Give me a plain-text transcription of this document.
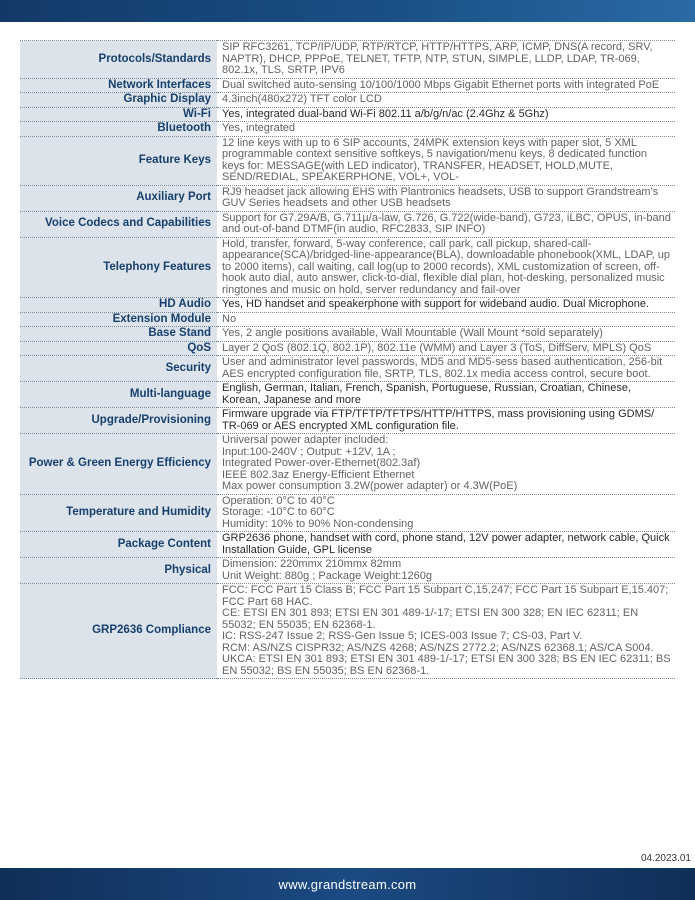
Protocols/Standards	SIP RFC3261, TCP/IP/UDP, RTP/RTCP, HTTP/HTTPS, ARP, ICMP, DNS(A record, SRV, NAPTR), DHCP, PPPoE, TELNET, TFTP, NTP, STUN, SIMPLE, LLDP, LDAP, TR-069, 802.1x, TLS, SRTP, IPV6
Network Interfaces	Dual switched auto-sensing 10/100/1000 Mbps Gigabit Ethernet ports with integrated PoE
Graphic Display	4.3inch(480x272) TFT color LCD
Wi-Fi	Yes, integrated dual-band Wi-Fi 802.11 a/b/g/n/ac (2.4Ghz & 5Ghz)
Bluetooth	Yes, integrated
Feature Keys	12 line keys with up to 6 SIP accounts, 24MPK extension keys with paper slot, 5 XML programmable context sensitive softkeys, 5 navigation/menu keys, 8 dedicated function keys for: MESSAGE(with LED indicator), TRANSFER, HEADSET, HOLD,MUTE, SEND/REDIAL, SPEAKERPHONE, VOL+, VOL-
Auxiliary Port	RJ9 headset jack allowing EHS with Plantronics headsets, USB to support Grandstream's GUV Series headsets and other USB headsets
Voice Codecs and Capabilities	Support for G7.29A/B, G.711µ/a-law, G.726, G.722(wide-band), G723, iLBC, OPUS, in-band and out-of-band DTMF(in audio, RFC2833, SIP INFO)
Telephony Features	Hold, transfer, forward, 5-way conference, call park, call pickup, shared-call-appearance(SCA)/bridged-line-appearance(BLA), downloadable phonebook(XML, LDAP, up to 2000 items), call waiting, call log(up to 2000 records), XML customization of screen, off-hook auto dial, auto answer, click-to-dial, flexible dial plan, hot-desking, personalized music ringtones and music on hold, server redundancy and fail-over
HD Audio	Yes, HD handset and speakerphone with support for wideband audio. Dual Microphone.
Extension Module	No
Base Stand	Yes, 2 angle positions available, Wall Mountable (Wall Mount *sold separately)
QoS	Layer 2 QoS (802.1Q, 802.1P), 802.11e (WMM) and Layer 3 (ToS, DiffServ, MPLS) QoS
Security	User and administrator level passwords, MD5 and MD5-sess based authentication, 256-bit AES encrypted configuration file, SRTP, TLS, 802.1x media access control, secure boot.
Multi-language	English, German, Italian, French, Spanish, Portuguese, Russian, Croatian, Chinese, Korean, Japanese and more
Upgrade/Provisioning	Firmware upgrade via FTP/TFTP/TFTPS/HTTP/HTTPS, mass provisioning using GDMS/ TR-069 or AES encrypted XML configuration file.
Power & Green Energy Efficiency	Universal power adapter included:
Input:100-240V ; Output: +12V, 1A ;
Integrated Power-over-Ethernet(802.3af)
IEEE 802.3az Energy-Efficient Ethernet
Max power consumption 3.2W(power adapter) or 4.3W(PoE)
Temperature and Humidity	Operation: 0°C to 40°C
Storage: -10°C to 60°C
Humidity: 10% to 90% Non-condensing
Package Content	GRP2636 phone, handset with cord, phone stand, 12V power adapter, network cable, Quick Installation Guide, GPL license
Physical	Dimension: 220mmx 210mmx 82mm
Unit Weight: 880g ; Package Weight:1260g
GRP2636 Compliance	FCC: FCC Part 15 Class B; FCC Part 15 Subpart C,15.247; FCC Part 15 Subpart E,15.407; FCC Part 68 HAC.
CE: ETSI EN 301 893; ETSI EN 301 489-1/-17; ETSI EN 300 328; EN IEC 62311; EN 55032; EN 55035; EN 62368-1.
IC: RSS-247 Issue 2; RSS-Gen Issue 5; ICES-003 Issue 7; CS-03, Part V.
RCM: AS/NZS CISPR32; AS/NZS 4268; AS/NZS 2772.2; AS/NZS 62368.1; AS/CA S004.
UKCA: ETSI EN 301 893; ETSI EN 301 489-1/-17; ETSI EN 300 328; BS EN IEC 62311; BS EN 55032; BS EN 55035; BS EN 62368-1.
04.2023.01
www.grandstream.com
